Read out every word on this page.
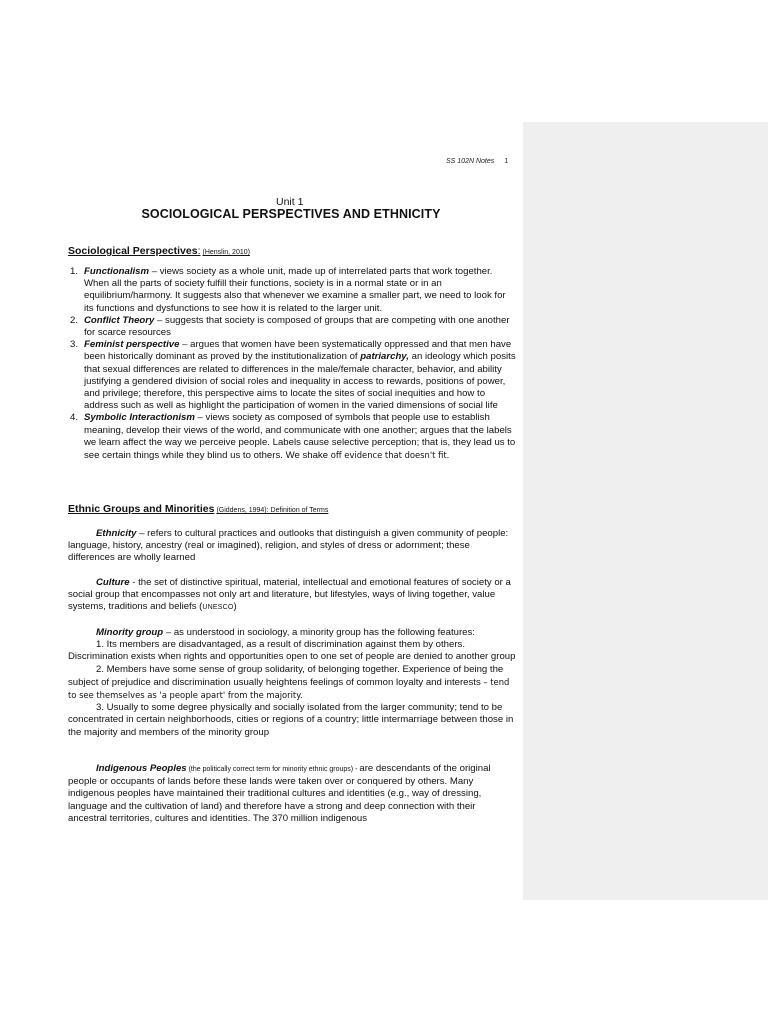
SS 102N Notes 1
Unit 1
SOCIOLOGICAL PERSPECTIVES AND ETHNICITY
Sociological Perspectives: (Henslin, 2010)
1. Functionalism – views society as a whole unit, made up of interrelated parts that work together. When all the parts of society fulfill their functions, society is in a normal state or in an equilibrium/harmony. It suggests also that whenever we examine a smaller part, we need to look for its functions and dysfunctions to see how it is related to the larger unit.
2. Conflict Theory – suggests that society is composed of groups that are competing with one another for scarce resources
3. Feminist perspective – argues that women have been systematically oppressed and that men have been historically dominant as proved by the institutionalization of patriarchy, an ideology which posits that sexual differences are related to differences in the male/female character, behavior, and ability justifying a gendered division of social roles and inequality in access to rewards, positions of power, and privilege; therefore, this perspective aims to locate the sites of social inequities and how to address such as well as highlight the participation of women in the varied dimensions of social life
4. Symbolic Interactionism – views society as composed of symbols that people use to establish meaning, develop their views of the world, and communicate with one another; argues that the labels we learn affect the way we perceive people. Labels cause selective perception; that is, they lead us to see certain things while they blind us to others. We shake off evidence that doesn't fit.
Ethnic Groups and Minorities (Giddens, 1994): Definition of Terms

Ethnicity – refers to cultural practices and outlooks that distinguish a given community of people: language, history, ancestry (real or imagined), religion, and styles of dress or adornment; these differences are wholly learned

Culture - the set of distinctive spiritual, material, intellectual and emotional features of society or a social group that encompasses not only art and literature, but lifestyles, ways of living together, value systems, traditions and beliefs (UNESCO)

Minority group – as understood in sociology, a minority group has the following features:
1. Its members are disadvantaged, as a result of discrimination against them by others. Discrimination exists when rights and opportunities open to one set of people are denied to another group
2. Members have some sense of group solidarity, of belonging together. Experience of being the subject of prejudice and discrimination usually heightens feelings of common loyalty and interests – tend to see themselves as 'a people apart' from the majority.
3. Usually to some degree physically and socially isolated from the larger community; tend to be concentrated in certain neighborhoods, cities or regions of a country; little intermarriage between those in the majority and members of the minority group

Indigenous Peoples (the politically correct term for minority ethnic groups) - are descendants of the original people or occupants of lands before these lands were taken over or conquered by others. Many indigenous peoples have maintained their traditional cultures and identities (e.g., way of dressing, language and the cultivation of land) and therefore have a strong and deep connection with their ancestral territories, cultures and identities. The 370 million indigenous
